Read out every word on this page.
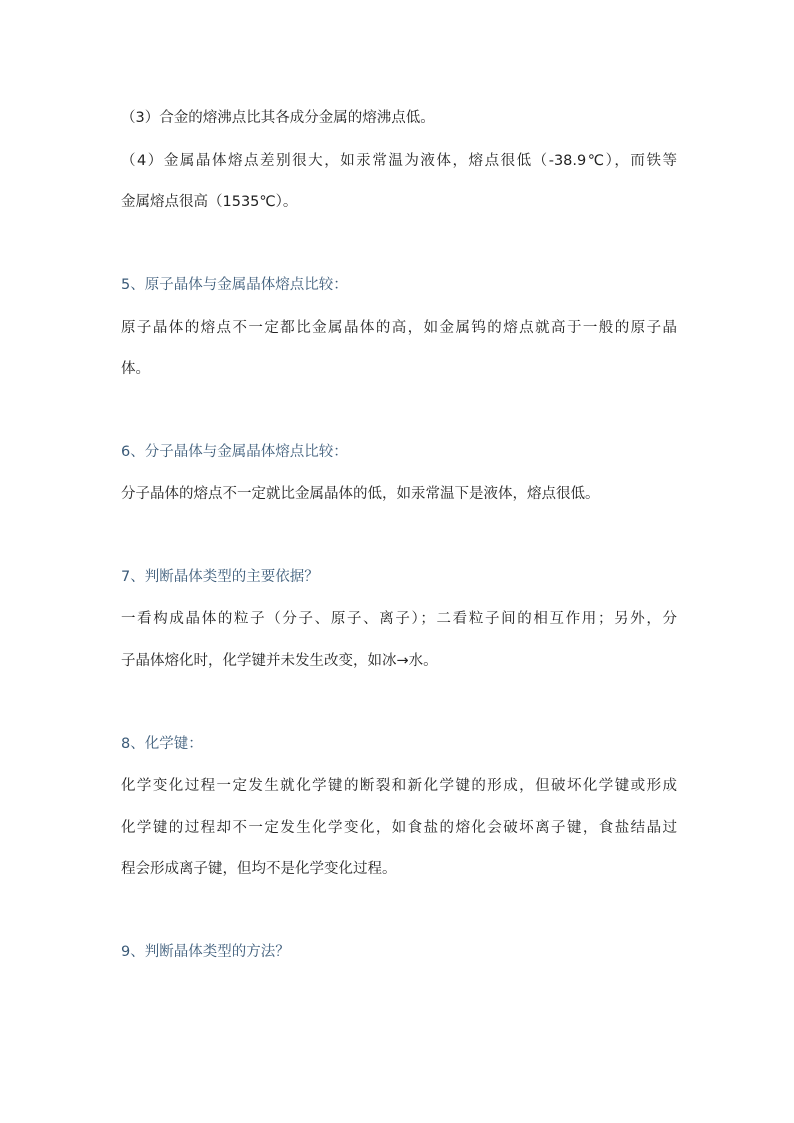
（3）合金的熔沸点比其各成分金属的熔沸点低。
（4）金属晶体熔点差别很大，如汞常温为液体，熔点很低（-38.9℃），而铁等
金属熔点很高（1535℃）。
5、原子晶体与金属晶体熔点比较：
原子晶体的熔点不一定都比金属晶体的高，如金属钨的熔点就高于一般的原子晶
体。
6、分子晶体与金属晶体熔点比较：
分子晶体的熔点不一定就比金属晶体的低，如汞常温下是液体，熔点很低。
7、判断晶体类型的主要依据？
一看构成晶体的粒子（分子、原子、离子）；二看粒子间的相互作用；另外，分
子晶体熔化时，化学键并未发生改变，如冰→水。
8、化学键：
化学变化过程一定发生就化学键的断裂和新化学键的形成，但破坏化学键或形成
化学键的过程却不一定发生化学变化，如食盐的熔化会破坏离子键，食盐结晶过
程会形成离子键，但均不是化学变化过程。
9、判断晶体类型的方法？
